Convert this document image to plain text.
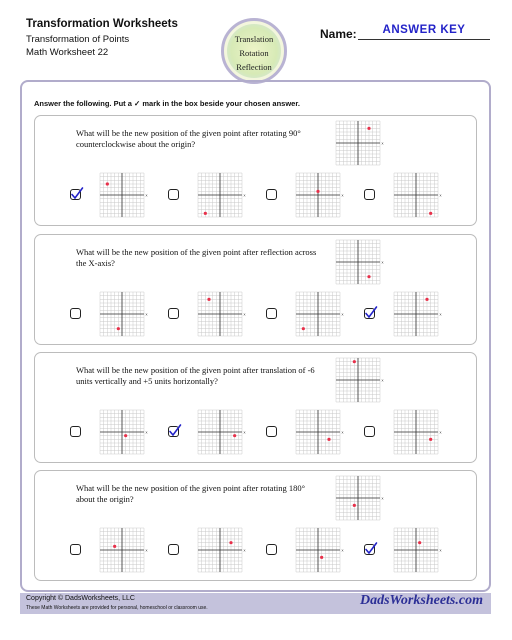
Transformation Worksheets
Transformation of Points
Math Worksheet 22
Translation
Rotation
Reflection
Name:	ANSWER KEY
Answer the following. Put a ✓ mark in the box beside your chosen answer.
What will be the new position of the given point after rotating 90° counterclockwise about the origin?	x
x	x	x	x
What will be the new position of the given point after reflection across the X-axis?	x
x	x	x	x
What will be the new position of the given point after translation of -6 units vertically and +5 units horizontally?	x
x	x	x	x
What will be the new position of the given point after rotating 180° about the origin?	x
x	x	x	x
Copyright © DadsWorksheets, LLC
These Math Worksheets are provided for personal, homeschool or classroom use.	DadsWorksheets.com
